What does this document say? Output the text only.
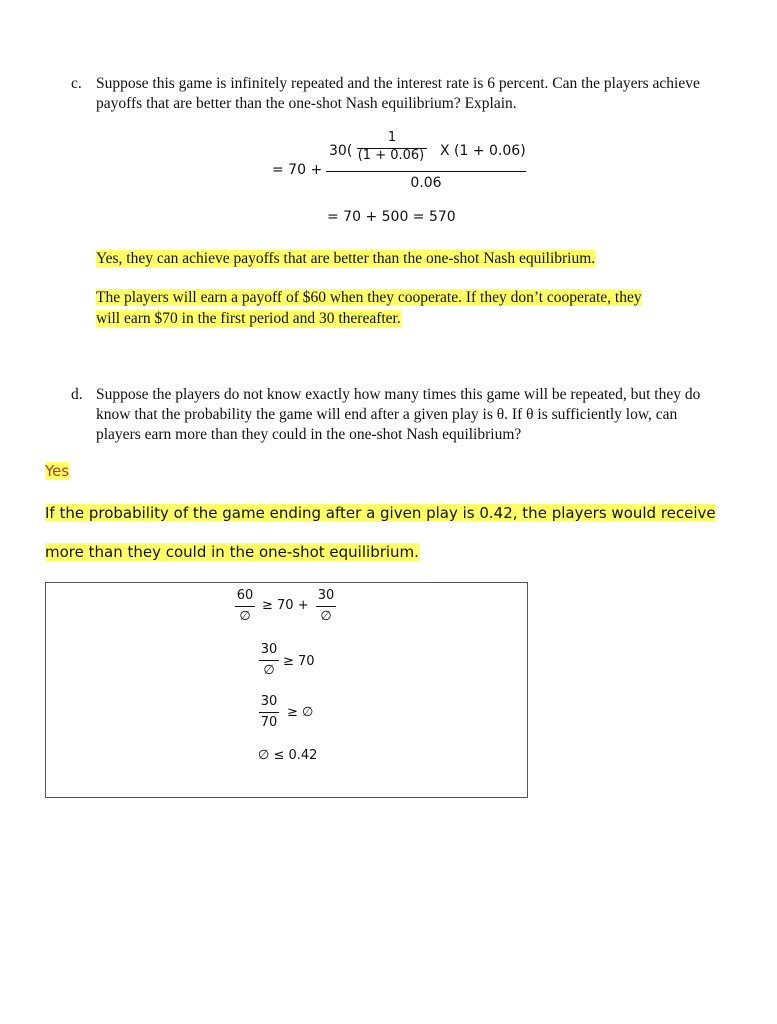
c. Suppose this game is infinitely repeated and the interest rate is 6 percent. Can the players achieve payoffs that are better than the one-shot Nash equilibrium? Explain.
= 70 +
30(
1
(1 + 0.06)	X (1 + 0.06)
0.06
= 70 + 500 = 570
Yes, they can achieve payoffs that are better than the one-shot Nash equilibrium.
The players will earn a payoff of $60 when they cooperate. If they don’t cooperate, they
will earn $70 in the first period and 30 thereafter.
d. Suppose the players do not know exactly how many times this game will be repeated, but they do know that the probability the game will end after a given play is θ. If θ is sufficiently low, can players earn more than they could in the one-shot Nash equilibrium?
Yes
If the probability of the game ending after a given play is 0.42, the players would receive
more than they could in the one-shot equilibrium.
60
∅
≥ 70 +
30
∅
30
∅
≥ 70
30
70
≥ ∅
∅ ≤ 0.42
